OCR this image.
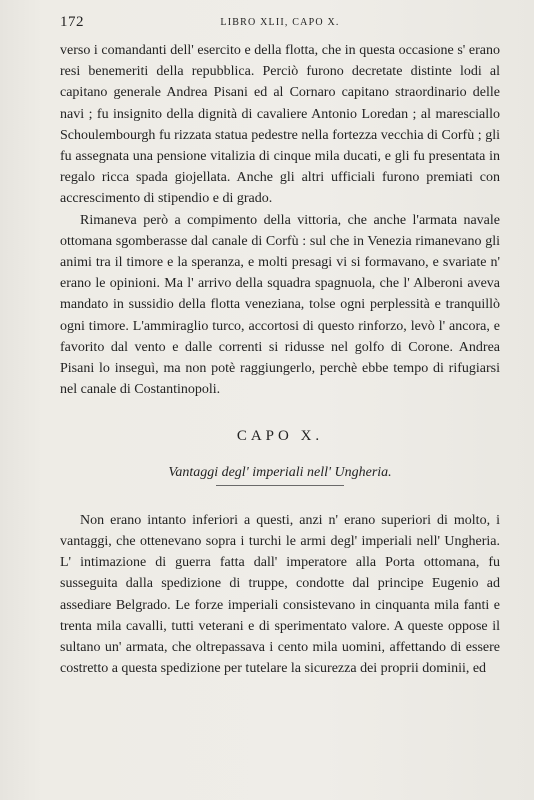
172	LIBRO XLII, CAPO X.

verso i comandanti dell' esercito e della flotta, che in questa occasione s' erano resi benemeriti della repubblica. Perciò furono decretate distinte lodi al capitano generale Andrea Pisani ed al Cornaro capitano straordinario delle navi ; fu insignito della dignità di cavaliere Antonio Loredan ; al maresciallo Schoulembourgh fu rizzata statua pedestre nella fortezza vecchia di Corfù ; gli fu assegnata una pensione vitalizia di cinque mila ducati, e gli fu presentata in regalo ricca spada giojellata. Anche gli altri ufficiali furono premiati con accrescimento di stipendio e di grado.

Rimaneva però a compimento della vittoria, che anche l'armata navale ottomana sgomberasse dal canale di Corfù : sul che in Venezia rimanevano gli animi tra il timore e la speranza, e molti presagi vi si formavano, e svariate n' erano le opinioni. Ma l' arrivo della squadra spagnuola, che l' Alberoni aveva mandato in sussidio della flotta veneziana, tolse ogni perplessità e tranquillò ogni timore. L'ammiraglio turco, accortosi di questo rinforzo, levò l' ancora, e favorito dal vento e dalle correnti si ridusse nel golfo di Corone. Andrea Pisani lo inseguì, ma non potè raggiungerlo, perchè ebbe tempo di rifugiarsi nel canale di Costantinopoli.

CAPO X.
Vantaggi degl' imperiali nell' Ungheria.

Non erano intanto inferiori a questi, anzi n' erano superiori di molto, i vantaggi, che ottenevano sopra i turchi le armi degl' imperiali nell' Ungheria. L' intimazione di guerra fatta dall' imperatore alla Porta ottomana, fu susseguita dalla spedizione di truppe, condotte dal principe Eugenio ad assediare Belgrado. Le forze imperiali consistevano in cinquanta mila fanti e trenta mila cavalli, tutti veterani e di sperimentato valore. A queste oppose il sultano un' armata, che oltrepassava i cento mila uomini, affettando di essere costretto a questa spedizione per tutelare la sicurezza dei proprii dominii, ed
